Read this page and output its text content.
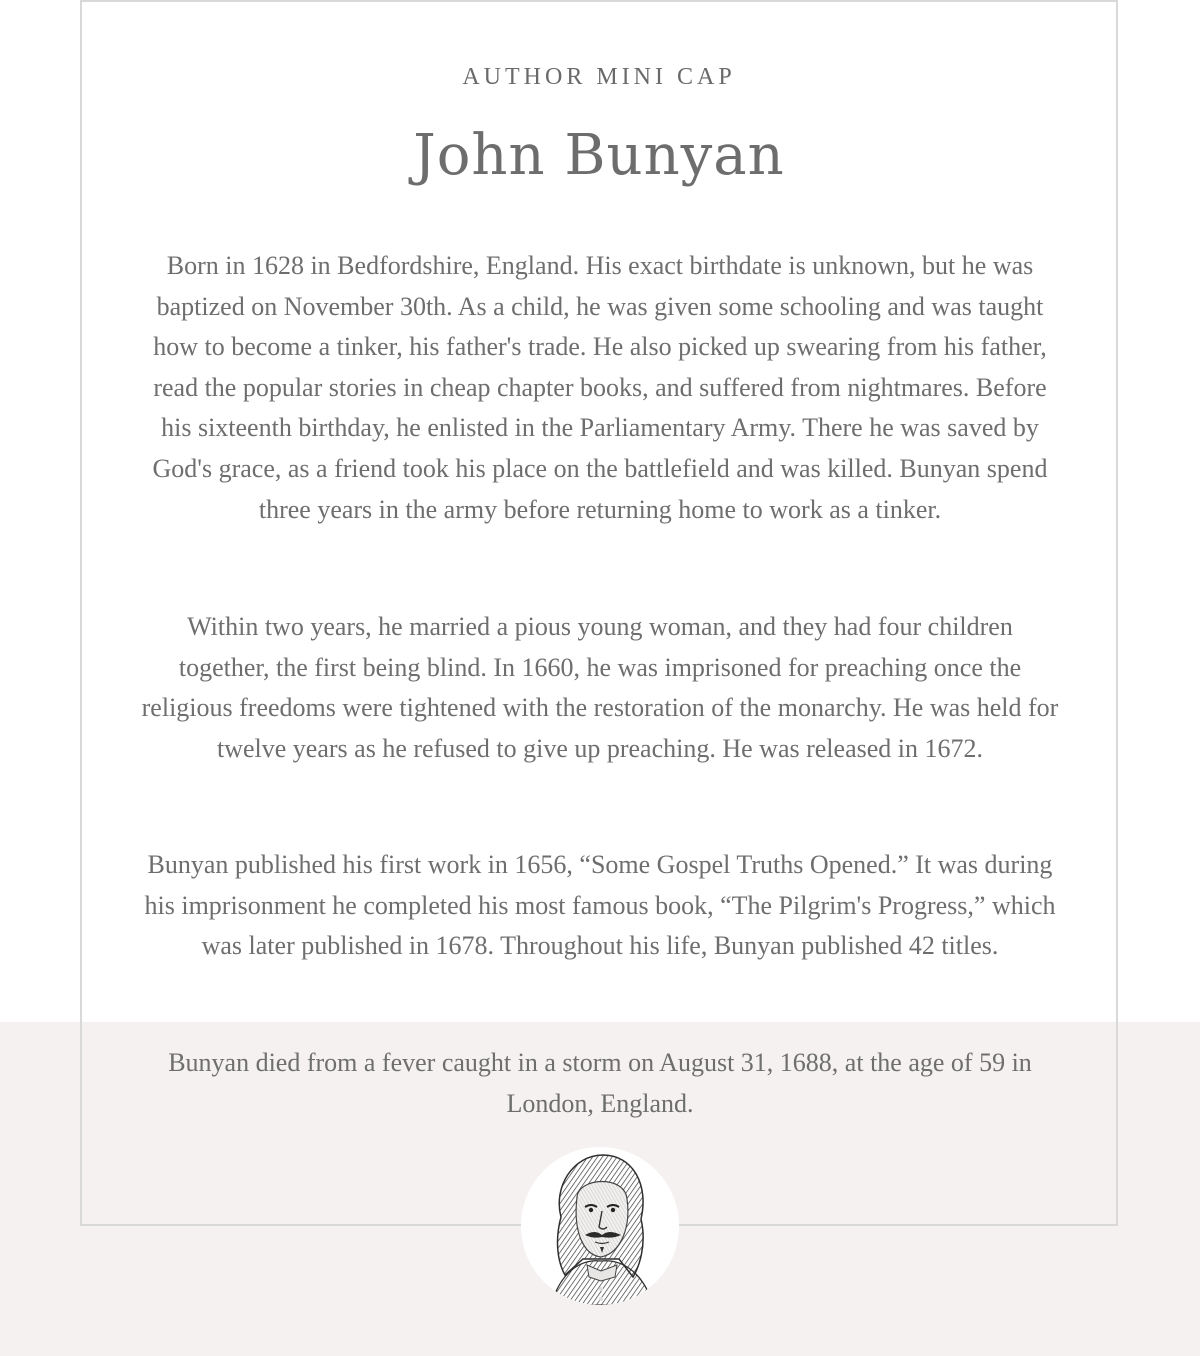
AUTHOR MINI CAP
John Bunyan

Born in 1628 in Bedfordshire, England. His exact birthdate is unknown, but he was baptized on November 30th. As a child, he was given some schooling and was taught how to become a tinker, his father's trade. He also picked up swearing from his father, read the popular stories in cheap chapter books, and suffered from nightmares. Before his sixteenth birthday, he enlisted in the Parliamentary Army. There he was saved by God's grace, as a friend took his place on the battlefield and was killed. Bunyan spend three years in the army before returning home to work as a tinker.

Within two years, he married a pious young woman, and they had four children together, the first being blind. In 1660, he was imprisoned for preaching once the religious freedoms were tightened with the restoration of the monarchy. He was held for twelve years as he refused to give up preaching. He was released in 1672.

Bunyan published his first work in 1656, “Some Gospel Truths Opened.” It was during his imprisonment he completed his most famous book, “The Pilgrim's Progress,” which was later published in 1678. Throughout his life, Bunyan published 42 titles.

Bunyan died from a fever caught in a storm on August 31, 1688, at the age of 59 in London, England.
